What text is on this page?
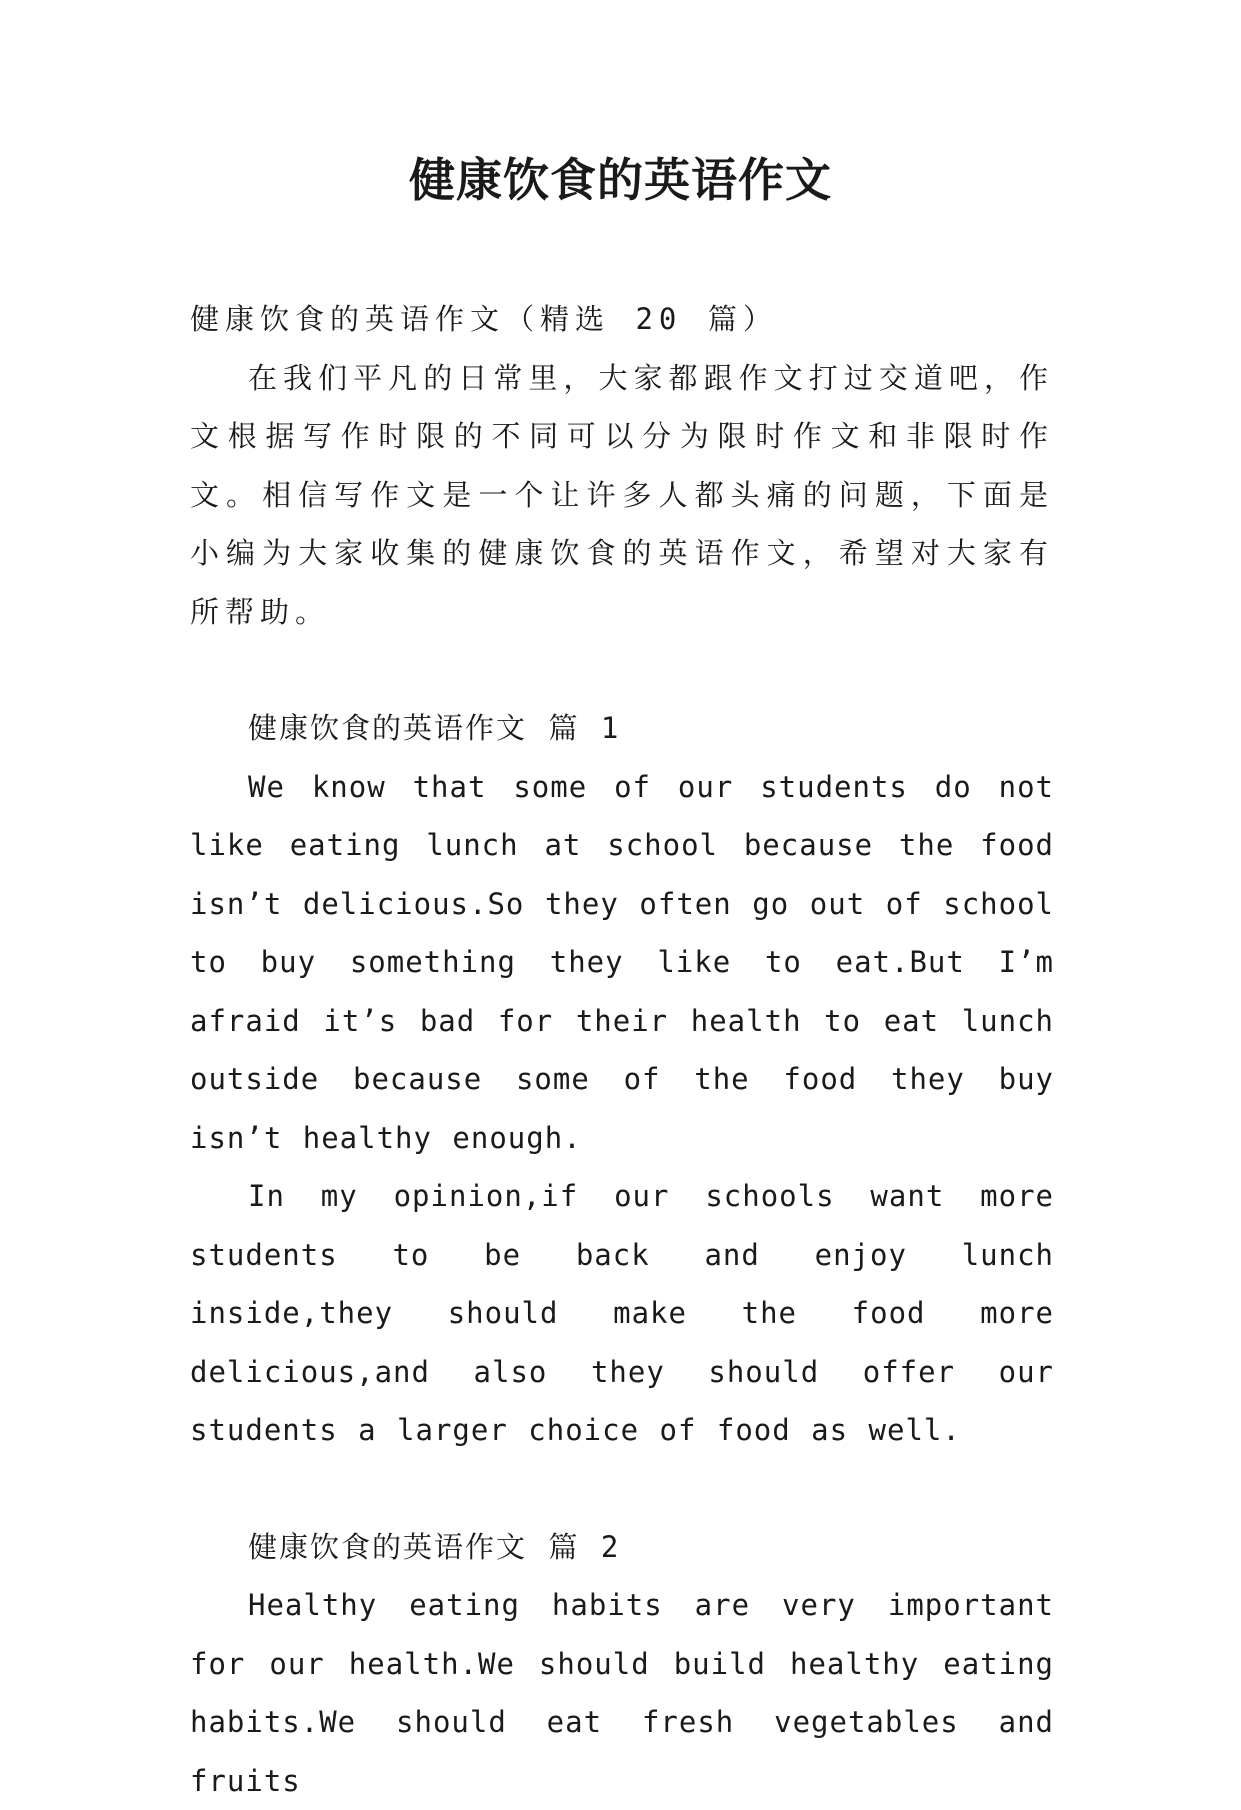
健康饮食的英语作文

健康饮食的英语作文（精选 20 篇）

在我们平凡的日常里，大家都跟作文打过交道吧，作文根据写作时限的不同可以分为限时作文和非限时作文。相信写作文是一个让许多人都头痛的问题，下面是小编为大家收集的健康饮食的英语作文，希望对大家有所帮助。

健康饮食的英语作文 篇 1

We know that some of our students do not like eating lunch at school because the food isn’t delicious.So they often go out of school to buy something they like to eat.But I’m afraid it’s bad for their health to eat lunch outside because some of the food they buy isn’t healthy enough.

In my opinion,if our schools want more students to be back and enjoy lunch inside,they should make the food more delicious,and also they should offer our students a larger choice of food as well.

健康饮食的英语作文 篇 2

Healthy eating habits are very important for our health.We should build healthy eating habits.We should eat fresh vegetables and fruits
